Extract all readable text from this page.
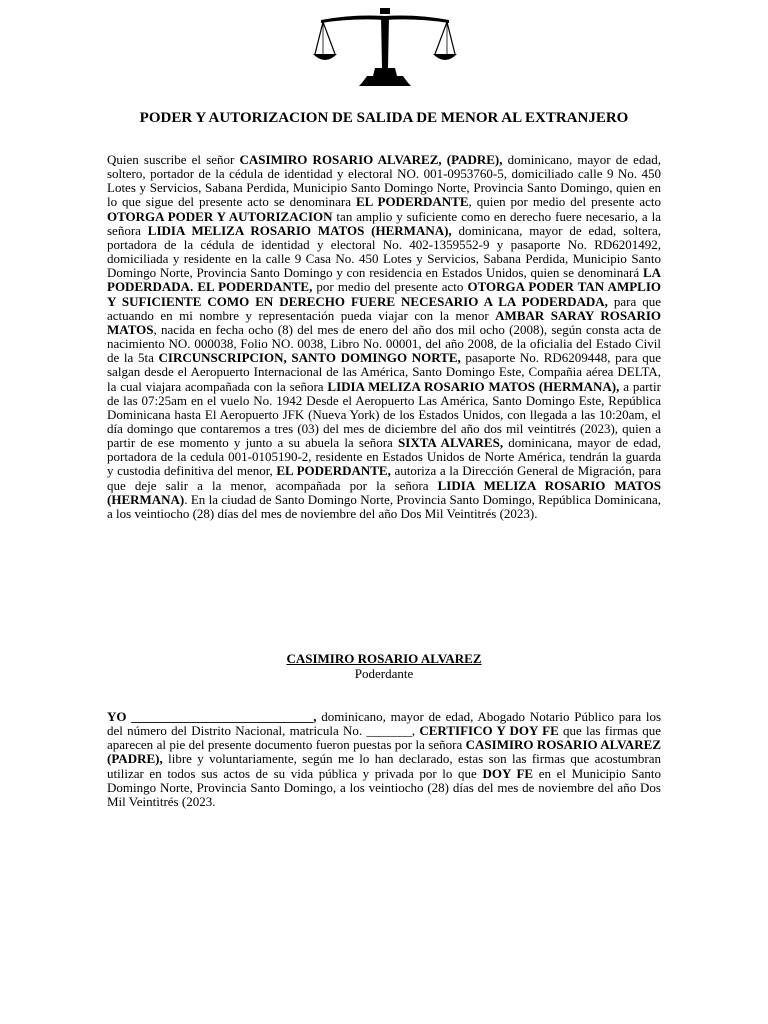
PODER Y AUTORIZACION DE SALIDA DE MENOR AL EXTRANJERO
Quien suscribe el señor CASIMIRO ROSARIO ALVAREZ, (PADRE), dominicano, mayor de edad, soltero, portador de la cédula de identidad y electoral NO. 001-0953760-5, domiciliado calle 9 No. 450 Lotes y Servicios, Sabana Perdida, Municipio Santo Domingo Norte, Provincia Santo Domingo, quien en lo que sigue del presente acto se denominara EL PODERDANTE, quien por medio del presente acto OTORGA PODER Y AUTORIZACION tan amplio y suficiente como en derecho fuere necesario, a la señora LIDIA MELIZA ROSARIO MATOS (HERMANA), dominicana, mayor de edad, soltera, portadora de la cédula de identidad y electoral No. 402-1359552-9 y pasaporte No. RD6201492, domiciliada y residente en la calle 9 Casa No. 450 Lotes y Servicios, Sabana Perdida, Municipio Santo Domingo Norte, Provincia Santo Domingo y con residencia en Estados Unidos, quien se denominará LA PODERDADA. EL PODERDANTE, por medio del presente acto OTORGA PODER TAN AMPLIO Y SUFICIENTE COMO EN DERECHO FUERE NECESARIO A LA PODERDADA, para que actuando en mi nombre y representación pueda viajar con la menor AMBAR SARAY ROSARIO MATOS, nacida en fecha ocho (8) del mes de enero del año dos mil ocho (2008), según consta acta de nacimiento NO. 000038, Folio NO. 0038, Libro No. 00001, del año 2008, de la oficialia del Estado Civil de la 5ta CIRCUNSCRIPCION, SANTO DOMINGO NORTE, pasaporte No. RD6209448, para que salgan desde el Aeropuerto Internacional de las América, Santo Domingo Este, Compañia aérea DELTA, la cual viajara acompañada con la señora LIDIA MELIZA ROSARIO MATOS (HERMANA), a partir de las 07:25am en el vuelo No. 1942 Desde el Aeropuerto Las América, Santo Domingo Este, República Dominicana hasta El Aeropuerto JFK (Nueva York) de los Estados Unidos, con llegada a las 10:20am, el día domingo que contaremos a tres (03) del mes de diciembre del año dos mil veintitrés (2023), quien a partir de ese momento y junto a su abuela la señora SIXTA ALVARES, dominicana, mayor de edad, portadora de la cedula 001-0105190-2, residente en Estados Unidos de Norte América, tendrán la guarda y custodia definitiva del menor, EL PODERDANTE, autoriza a la Dirección General de Migración, para que deje salir a la menor, acompañada por la señora LIDIA MELIZA ROSARIO MATOS (HERMANA). En la ciudad de Santo Domingo Norte, Provincia Santo Domingo, República Dominicana, a los veintiocho (28) días del mes de noviembre del año Dos Mil Veintitrés (2023).
CASIMIRO ROSARIO ALVAREZ
Poderdante
YO ____________________________, dominicano, mayor de edad, Abogado Notario Público para los del número del Distrito Nacional, matricula No. _______, CERTIFICO Y DOY FE que las firmas que aparecen al pie del presente documento fueron puestas por la señora CASIMIRO ROSARIO ALVAREZ (PADRE), libre y voluntariamente, según me lo han declarado, estas son las firmas que acostumbran utilizar en todos sus actos de su vida pública y privada por lo que DOY FE en el Municipio Santo Domingo Norte, Provincia Santo Domingo, a los veintiocho (28) días del mes de noviembre del año Dos Mil Veintitrés (2023.
